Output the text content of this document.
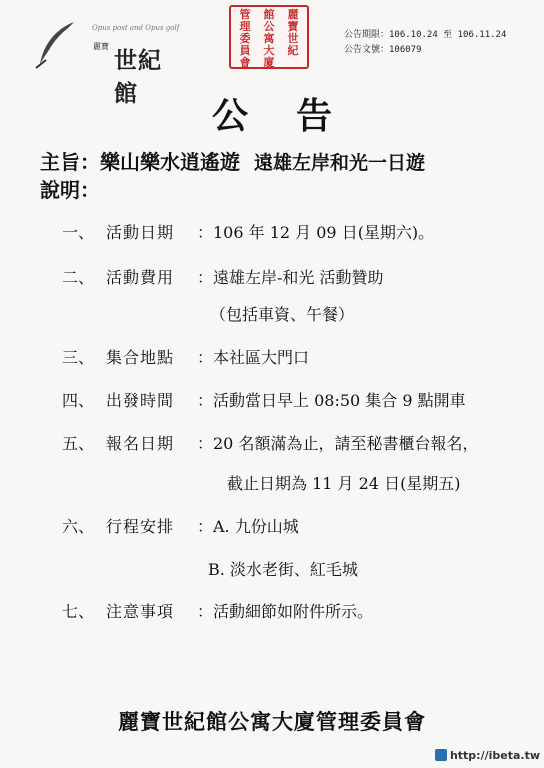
Opus post and Opus golf
麗寶
世紀館
麗寶世紀
館公寓大廈
管理委員會
公告期限：106.10.24 至 106.11.24
公告文號：106079
公告
主旨：樂山樂水逍遙遊 遠雄左岸和光一日遊
說明：
一、 活動日期 ：106 年 12 月 09 日(星期六)。
二、 活動費用 ：遠雄左岸-和光 活動贊助
（包括車資、午餐）
三、 集合地點 ：本社區大門口
四、 出發時間 ：活動當日早上 08:50 集合 9 點開車
五、 報名日期 ：20 名額滿為止，請至秘書櫃台報名，
截止日期為 11 月 24 日(星期五)
六、 行程安排 ：A. 九份山城
B. 淡水老街、紅毛城
七、 注意事項 ：活動細節如附件所示。
麗寶世紀館公寓大廈管理委員會
http://ibeta.tw
